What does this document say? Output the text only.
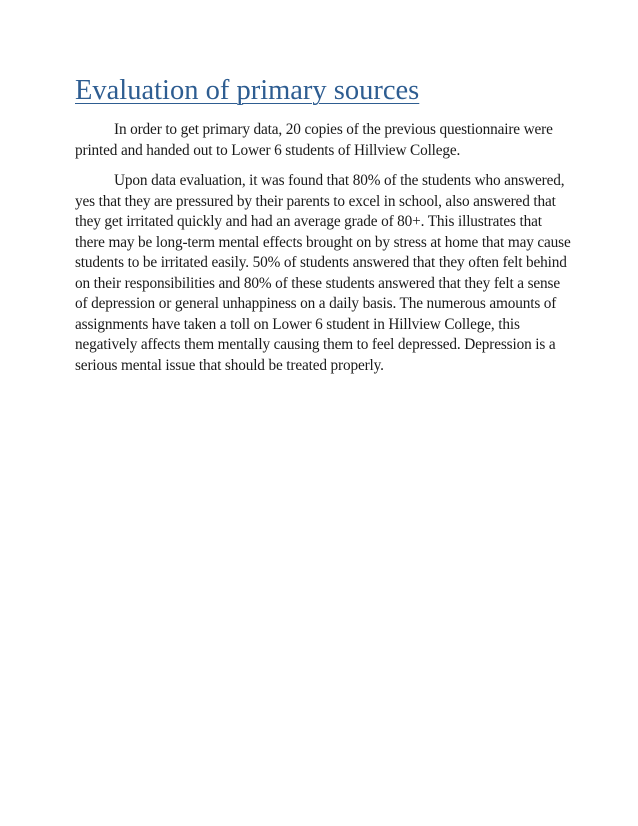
Evaluation of primary sources

In order to get primary data, 20 copies of the previous questionnaire were
printed and handed out to Lower 6 students of Hillview College.

Upon data evaluation, it was found that 80% of the students who answered,
yes that they are pressured by their parents to excel in school, also answered that
they get irritated quickly and had an average grade of 80+. This illustrates that
there may be long-term mental effects brought on by stress at home that may cause
students to be irritated easily. 50% of students answered that they often felt behind
on their responsibilities and 80% of these students answered that they felt a sense
of depression or general unhappiness on a daily basis. The numerous amounts of
assignments have taken a toll on Lower 6 student in Hillview College, this
negatively affects them mentally causing them to feel depressed. Depression is a
serious mental issue that should be treated properly.
